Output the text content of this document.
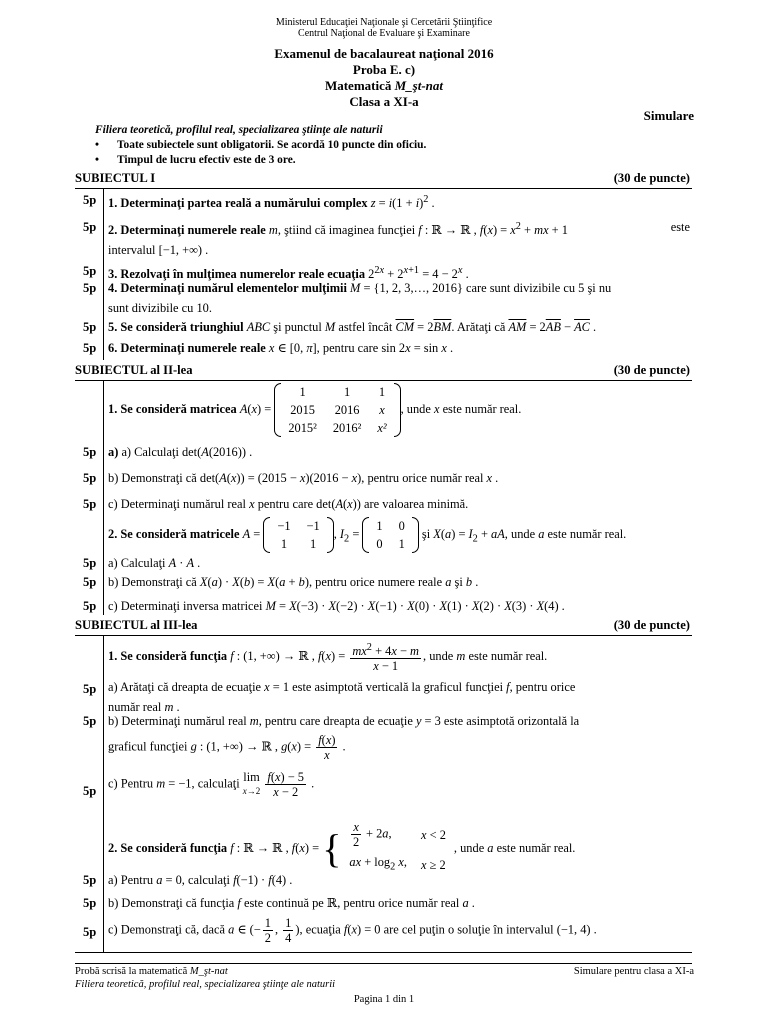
Ministerul Educaţiei Naţionale şi Cercetării Ştiinţifice
Centrul Naţional de Evaluare şi Examinare
Examenul de bacalaureat naţional 2016
Proba E. c)
Matematică M_şt-nat
Clasa a XI-a
Simulare
Filiera teoretică, profilul real, specializarea ştiinţe ale naturii
• Toate subiectele sunt obligatorii. Se acordă 10 puncte din oficiu.
• Timpul de lucru efectiv este de 3 ore.
SUBIECTUL I	(30 de puncte)
5p 1. Determinaţi partea reală a numărului complex $z = i(1 + i)^2$ .
5p 2. Determinaţi numerele reale m, ştiind că imaginea funcţiei f : ℝ → ℝ , $f(x) = x^2$ + mx + 1	este

intervalul [−1, +∞) .
5p 3. Rezolvaţi în mulţimea numerelor reale ecuaţia $2^{2x} + 2^{x+1} = 4 - 2^x$ .
5p 4. Determinaţi numărul elementelor mulţimii M = {1, 2, 3,…, 2016} care sunt divizibile cu 5 şi nu
sunt divizibile cu 10.
5p 5. Se consideră triunghiul ABC şi punctul M astfel încât $\overline{CM} = 2\overline{BM}$. Arătaţi că $\overline{AM} = 2\overline{AB} - \overline{AC}$ .
5p 6. Determinaţi numerele reale x ∈ [0, π], pentru care sin 2x = sin x .
SUBIECTUL al II-lea	(30 de puncte)
1. Se consideră matricea A(x) =
1	1	1
2015	2016	x
2015²	2016²	x²
, unde x este număr real.
5p a) a) Calculaţi det(A(2016)) .
5p b) Demonstraţi că det(A(x)) = (2015 − x)(2016 − x), pentru orice număr real x .
5p c) Determinaţi numărul real x pentru care det(A(x)) are valoarea minimă.
2. Se consideră matricele A =
−1	−1
1	1
, $I_2$ =
1	0
0	1
şi $X(a) = I_2$ + aA, unde a este număr real.
5p a) Calculaţi A · A .
5p b) Demonstraţi că X(a) · X(b) = X(a + b), pentru orice numere reale a şi b .
5p c) Determinaţi inversa matricei M = X(−3) · X(−2) · X(−1) · X(0) · X(1) · X(2) · X(3) · X(4) .
SUBIECTUL al III-lea	(30 de puncte)
1. Se consideră funcţia f : (1, +∞) → ℝ , $f(x) = \frac{mx^2 + 4x - m}{x - 1}$ , unde m este număr real.
5p a) Arătaţi că dreapta de ecuaţie x = 1 este asimptotă verticală la graficul funcţiei f, pentru orice
număr real m .
5p b) Determinaţi numărul real m, pentru care dreapta de ecuaţie y = 3 este asimptotă orizontală la
graficul funcţiei g : (1, +∞) → ℝ , $g(x) = \frac{f(x)}{x}$ .
5p
c) Pentru m = −1, calculaţi lim
$x\to 2 \frac{f(x) - 5}{x - 2}$ .
2. Se consideră funcţia f : ℝ → ℝ , f(x) = { $\frac{x}{2} + 2a$,	x < 2
ax + $\log_2 x$,	x ≥ 2, unde a este număr real.
5p a) Pentru a = 0, calculaţi f(−1) · f(4) .
5p b) Demonstraţi că funcţia f este continuă pe ℝ, pentru orice număr real a .
5p c) Demonstraţi că, dacă a ∈ (− $\frac{1}{2}$ , $\frac{1}{4}$ ), ecuaţia f(x) = 0 are cel puţin o soluţie în intervalul (−1, 4) .
Probă scrisă la matematică M_şt-nat
Filiera teoretică, profilul real, specializarea ştiinţe ale naturii
Simulare pentru clasa a XI-a
Pagina 1 din 1
